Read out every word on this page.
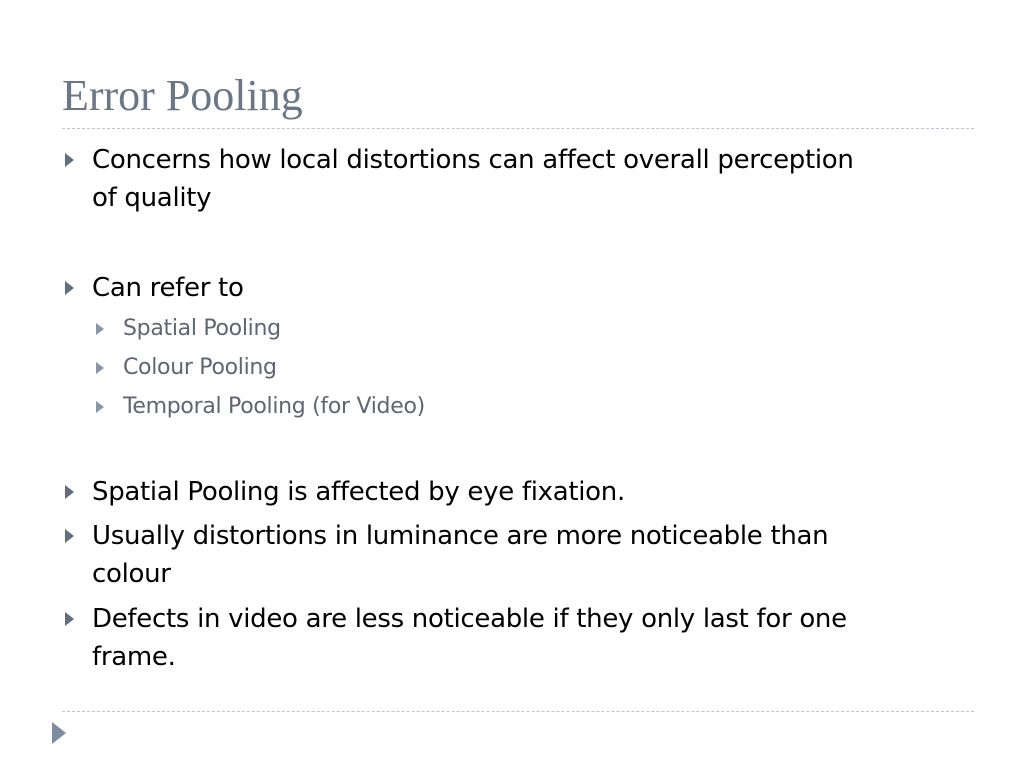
Error Pooling
Concerns how local distortions can affect overall perception
of quality
Can refer to
Spatial Pooling
Colour Pooling
Temporal Pooling (for Video)
Spatial Pooling is affected by eye fixation.
Usually distortions in luminance are more noticeable than
colour
Defects in video are less noticeable if they only last for one
frame.
